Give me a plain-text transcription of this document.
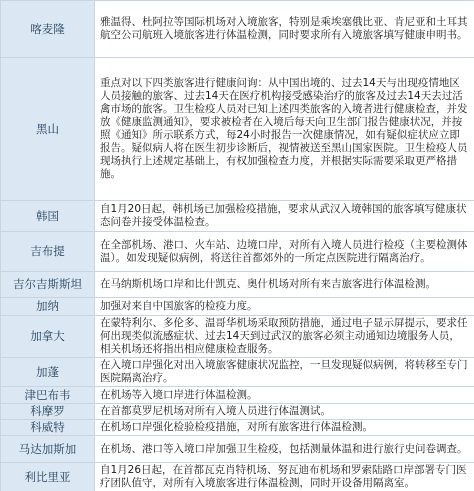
喀麦隆	雅温得、杜阿拉等国际机场对入境旅客，特别是乘埃塞俄比亚、肯尼亚和土耳其航空公司航班入境旅客进行体温检测，同时要求所有入境旅客填写健康申明书。
黑山	重点对以下四类旅客进行健康问询：从中国出境的、过去14天与出现疫情地区人员接触的旅客、过去14天在医疗机构接受感染治疗的旅客及过去14天去过活禽市场的旅客。卫生检疫人员对已知上述四类旅客的入境者进行健康检查，并发放《健康监测通知》，要求被检者在入境后每天向卫生部门报告健康状况，并按照《通知》所示联系方式，每24小时报告一次健康情况，如有疑似症状应立即报告。疑似病人将在医生初步诊断后，视情被送至黑山国家医院。卫生检疫人员现场执行上述规定基础上，有权加强检查力度，并根据实际需要采取更严格措施。
韩国	自1月20日起，韩机场已加强检疫措施，要求从武汉入境韩国的旅客填写健康状态问卷并接受体温检查。
吉布提	在全部机场、港口、火车站、边境口岸，对所有入境人员进行检疫（主要检测体温）。如发现疑似病例，将送往首都郊外的一所定点医院进行隔离治疗。
吉尔吉斯斯坦	在马纳斯机场口岸和比什凯克、奥什机场对所有来吉旅客进行体温检测。
加纳	加强对来自中国旅客的检疫力度。
加拿大	在蒙特利尔、多伦多、温哥华机场采取预防措施，通过电子显示屏提示，要求任何出现类似流感症状、过去14天到过武汉的旅客必须主动通知边境服务人员，相关机场还将指出相应健康检查服务。
加蓬	在入境口岸强化对出入境旅客健康状况监控，一旦发现疑似病例，将转移至专门医院隔离治疗。
津巴布韦	在机场等入境口岸进行体温检测。
科摩罗	在首都莫罗尼机场对所有入境人员进行体温测试。
科威特	在机场口岸强化检验检疫措施，对所有旅客进行体温检测。
马达加斯加	在机场、港口等入境口岸加强卫生检疫，包括测量体温和进行旅行史问卷调查。
利比里亚	自1月26日起，在首都瓦克肖特机场、努瓦迪布机场和罗索陆路口岸部署专门医疗团队值守，对所有入境旅客进行体温检测，同时开设备用隔离室。
